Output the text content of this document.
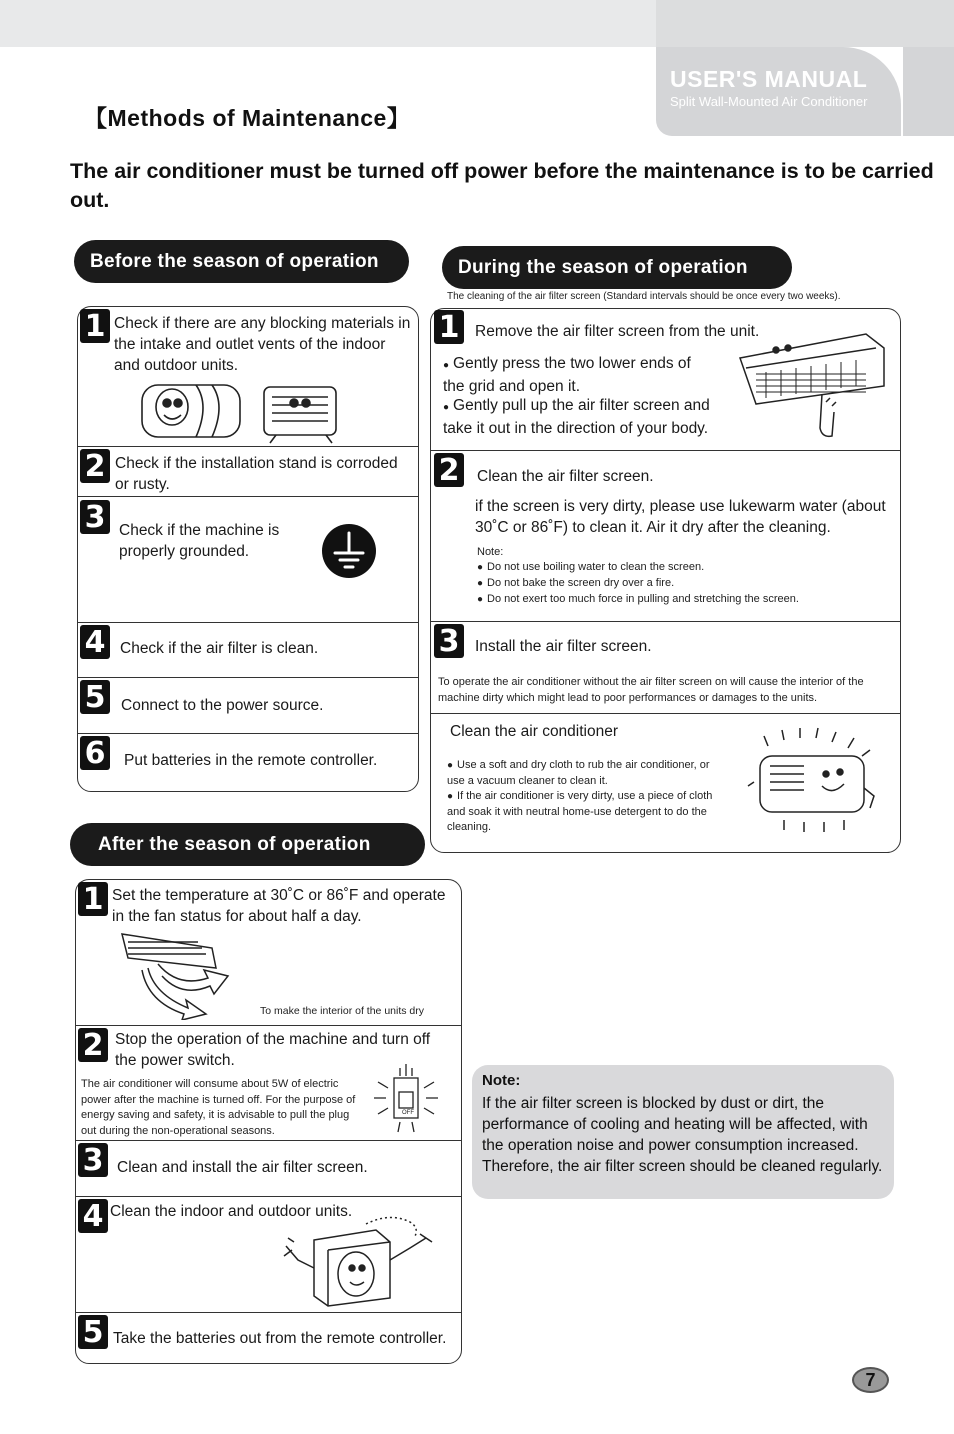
USER'S MANUAL
Split Wall-Mounted Air Conditioner
【Methods of Maintenance】
The air conditioner must be turned off power before the maintenance is to be carried out.
Before the season of operation
1 Check if there are any blocking materials in the intake and outlet vents of the indoor and outdoor units.
2 Check if the installation stand is corroded or rusty.
3 Check if the machine is properly grounded.
4 Check if the air filter is clean.
5 Connect to the power source.
6 Put batteries in the remote controller.
During the season of operation
The cleaning of the air filter screen (Standard intervals should be once every two weeks).
1 Remove the air filter screen from the unit.
● Gently press the two lower ends of the grid and open it.
● Gently pull up the air filter screen and take it out in the direction of your body.
2 Clean the air filter screen.
if the screen is very dirty, please use lukewarm water (about 30˚C or 86˚F) to clean it. Air it dry after the cleaning.
Note:
● Do not use boiling water to clean the screen.
● Do not bake the screen dry over a fire.
● Do not exert too much force in pulling and stretching the screen.
3 Install the air filter screen.
To operate the air conditioner without the air filter screen on will cause the interior of the machine dirty which might lead to poor performances or damages to the units.
Clean the air conditioner
● Use a soft and dry cloth to rub the air conditioner, or use a vacuum cleaner to clean it.
● If the air conditioner is very dirty, use a piece of cloth and soak it with neutral home-use detergent to do the cleaning.
After the season of operation
1 Set the temperature at 30˚C or 86˚F and operate in the fan status for about half a day.
To make the interior of the units dry
2 Stop the operation of the machine and turn off the power switch.
The air conditioner will consume about 5W of electric power after the machine is turned off. For the purpose of energy saving and safety, it is advisable to pull the plug out during the non-operational seasons.
OFF
3 Clean and install the air filter screen.
4 Clean the indoor and outdoor units.
5 Take the batteries out from the remote controller.
Note:
If the air filter screen is blocked by dust or dirt, the performance of cooling and heating will be affected, with the operation noise and power consumption increased. Therefore, the air filter screen should be cleaned regularly.
7
